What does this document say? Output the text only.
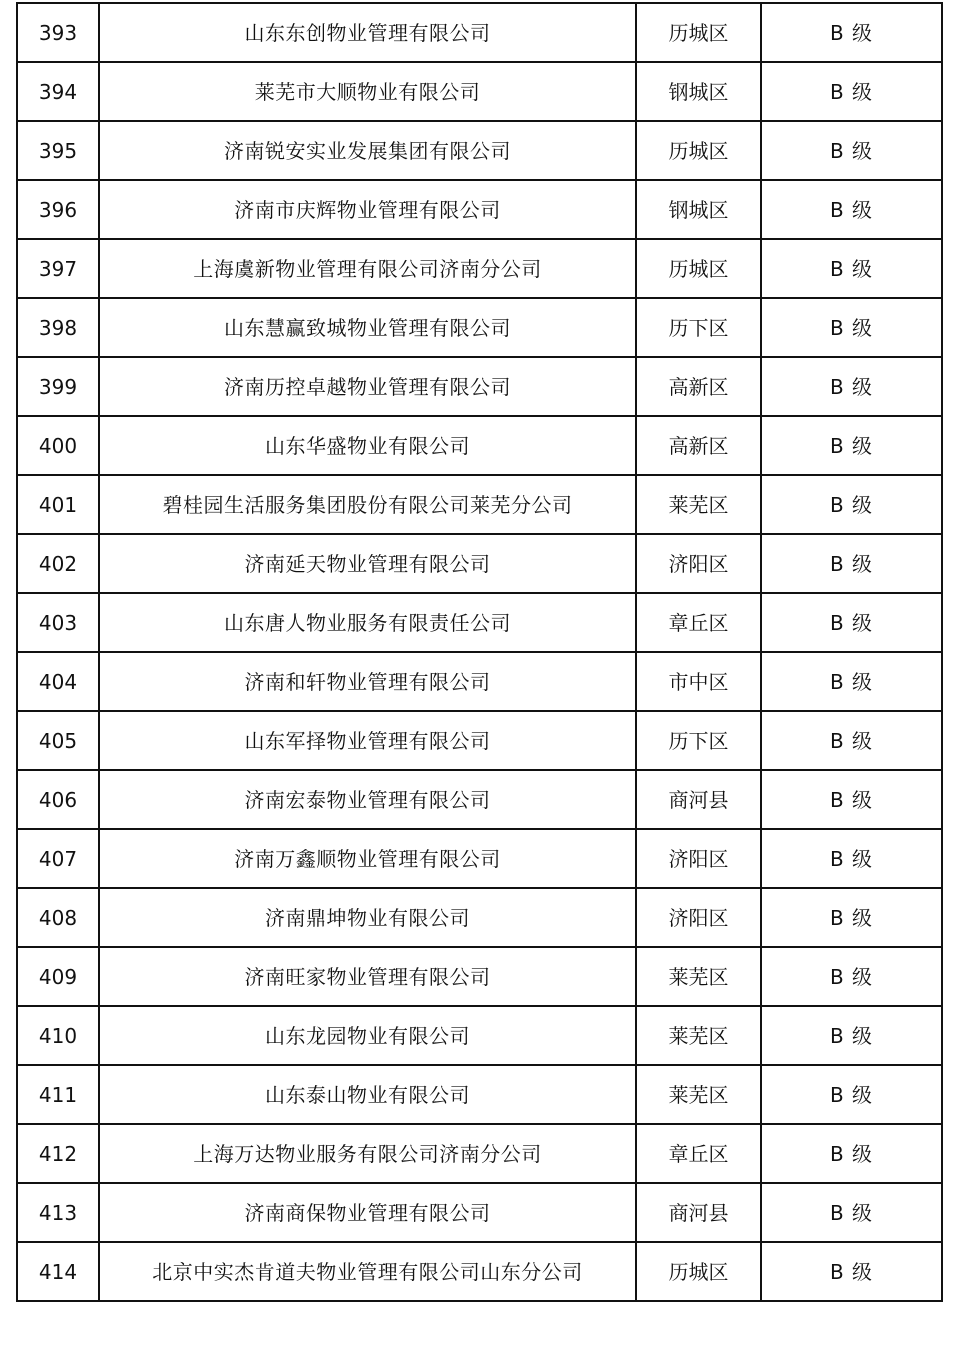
393	山东东创物业管理有限公司	历城区	B 级
394	莱芜市大顺物业有限公司	钢城区	B 级
395	济南锐安实业发展集团有限公司	历城区	B 级
396	济南市庆辉物业管理有限公司	钢城区	B 级
397	上海虞新物业管理有限公司济南分公司	历城区	B 级
398	山东慧赢致城物业管理有限公司	历下区	B 级
399	济南历控卓越物业管理有限公司	高新区	B 级
400	山东华盛物业有限公司	高新区	B 级
401	碧桂园生活服务集团股份有限公司莱芜分公司	莱芜区	B 级
402	济南延天物业管理有限公司	济阳区	B 级
403	山东唐人物业服务有限责任公司	章丘区	B 级
404	济南和轩物业管理有限公司	市中区	B 级
405	山东军择物业管理有限公司	历下区	B 级
406	济南宏泰物业管理有限公司	商河县	B 级
407	济南万鑫顺物业管理有限公司	济阳区	B 级
408	济南鼎坤物业有限公司	济阳区	B 级
409	济南旺家物业管理有限公司	莱芜区	B 级
410	山东龙园物业有限公司	莱芜区	B 级
411	山东泰山物业有限公司	莱芜区	B 级
412	上海万达物业服务有限公司济南分公司	章丘区	B 级
413	济南商保物业管理有限公司	商河县	B 级
414	北京中实杰肯道夫物业管理有限公司山东分公司	历城区	B 级
